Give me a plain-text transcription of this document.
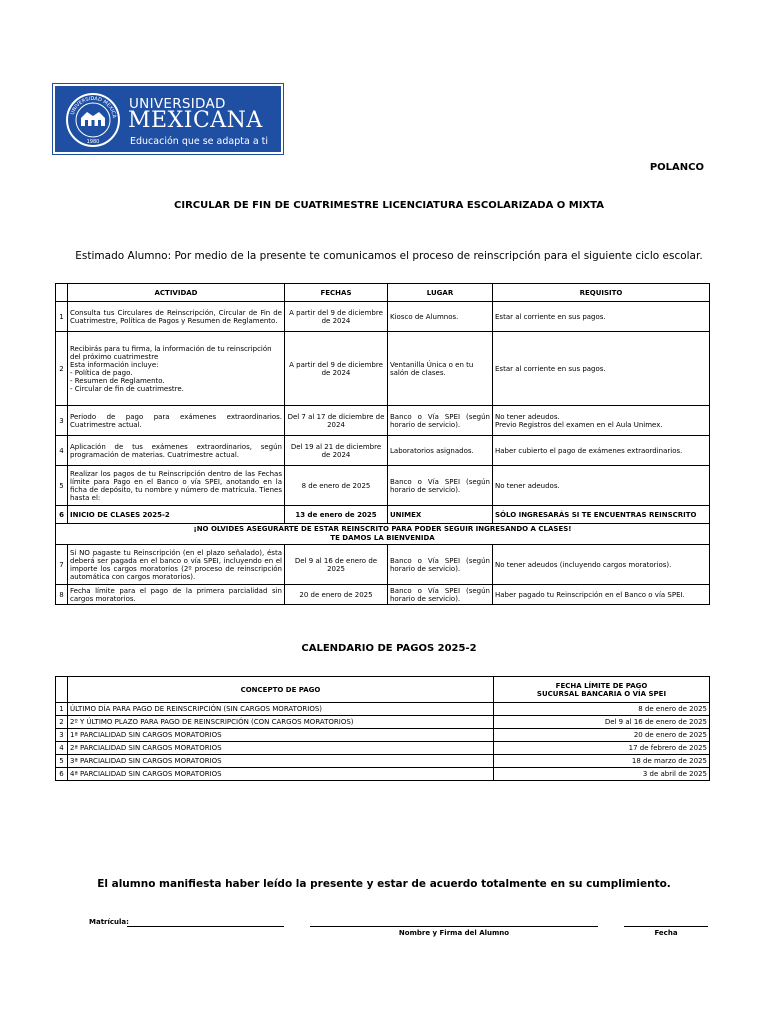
UNIVERSIDAD MEXICA
1980
UNIVERSIDAD
MEXICANA
Educación que se adapta a ti
POLANCO
CIRCULAR DE FIN DE CUATRIMESTRE LICENCIATURA ESCOLARIZADA O MIXTA
Estimado Alumno: Por medio de la presente te comunicamos el proceso de reinscripción para el siguiente ciclo escolar.
	ACTIVIDAD	FECHAS	LUGAR	REQUISITO
1	Consulta tus Circulares de Reinscripción, Circular de Fin de Cuatrimestre, Política de Pagos y Resumen de Reglamento.	A partir del 9 de diciembre de 2024	Kiosco de Alumnos.	Estar al corriente en sus pagos.
2	Recibirás para tu firma, la información de tu reinscripción del próximo cuatrimestre
Esta información incluye:
- Política de pago.
- Resumen de Reglamento.
- Circular de fin de cuatrimestre.	A partir del 9 de diciembre de 2024	Ventanilla Única o en tu salón de clases.	Estar al corriente en sus pagos.
3	Periodo de pago para exámenes extraordinarios. Cuatrimestre actual.	Del 7 al 17 de diciembre de 2024	Banco o Vía SPEI (según horario de servicio).	No tener adeudos.
Previo Registros del examen en el Aula Unimex.

4	Aplicación de tus exámenes extraordinarios, según programación de materias. Cuatrimestre actual.	Del 19 al 21 de diciembre de 2024	Laboratorios asignados.	Haber cubierto el pago de exámenes extraordinarios.
5	Realizar los pagos de tu Reinscripción dentro de las Fechas límite para Pago en el Banco o vía SPEI, anotando en la ficha de depósito, tu nombre y número de matrícula. Tienes hasta el:	8 de enero de 2025	Banco o Vía SPEI (según horario de servicio).	No tener adeudos.
6	INICIO DE CLASES 2025-2	13 de enero de 2025	UNIMEX	SÓLO INGRESARÁS SI TE ENCUENTRAS REINSCRITO

¡NO OLVIDES ASEGURARTE DE ESTAR REINSCRITO PARA PODER SEGUIR INGRESANDO A CLASES!
TE DAMOS LA BIENVENIDA				

7	Si NO pagaste tu Reinscripción (en el plazo señalado), ésta deberá ser pagada en el banco o vía SPEI, incluyendo en el importe los cargos moratorios (2º proceso de reinscripción automática con cargos moratorios).	Del 9 al 16 de enero de 2025	Banco o Vía SPEI (según horario de servicio).	No tener adeudos (incluyendo cargos moratorios).
8	Fecha límite para el pago de la primera parcialidad sin cargos moratorios.	20 de enero de 2025	Banco o Vía SPEI (según horario de servicio).	Haber pagado tu Reinscripción en el Banco o vía SPEI.
CALENDARIO DE PAGOS 2025-2
	CONCEPTO DE PAGO	FECHA LÍMITE DE PAGO
SUCURSAL BANCARIA O VÍA SPEI

1	ÚLTIMO DÍA PARA PAGO DE REINSCRIPCIÓN (SIN CARGOS MORATORIOS)	8 de enero de 2025
2	2º Y ÚLTIMO PLAZO PARA PAGO DE REINSCRIPCIÓN (CON CARGOS MORATORIOS)	Del 9 al 16 de enero de 2025
3	1ª PARCIALIDAD SIN CARGOS MORATORIOS	20 de enero de 2025
4	2ª PARCIALIDAD SIN CARGOS MORATORIOS	17 de febrero de 2025
5	3ª PARCIALIDAD SIN CARGOS MORATORIOS	18 de marzo de 2025
6	4ª PARCIALIDAD SIN CARGOS MORATORIOS	3 de abril de 2025
El alumno manifiesta haber leído la presente y estar de acuerdo totalmente en su cumplimiento.
Matrícula:
Nombre y Firma del Alumno	Fecha
